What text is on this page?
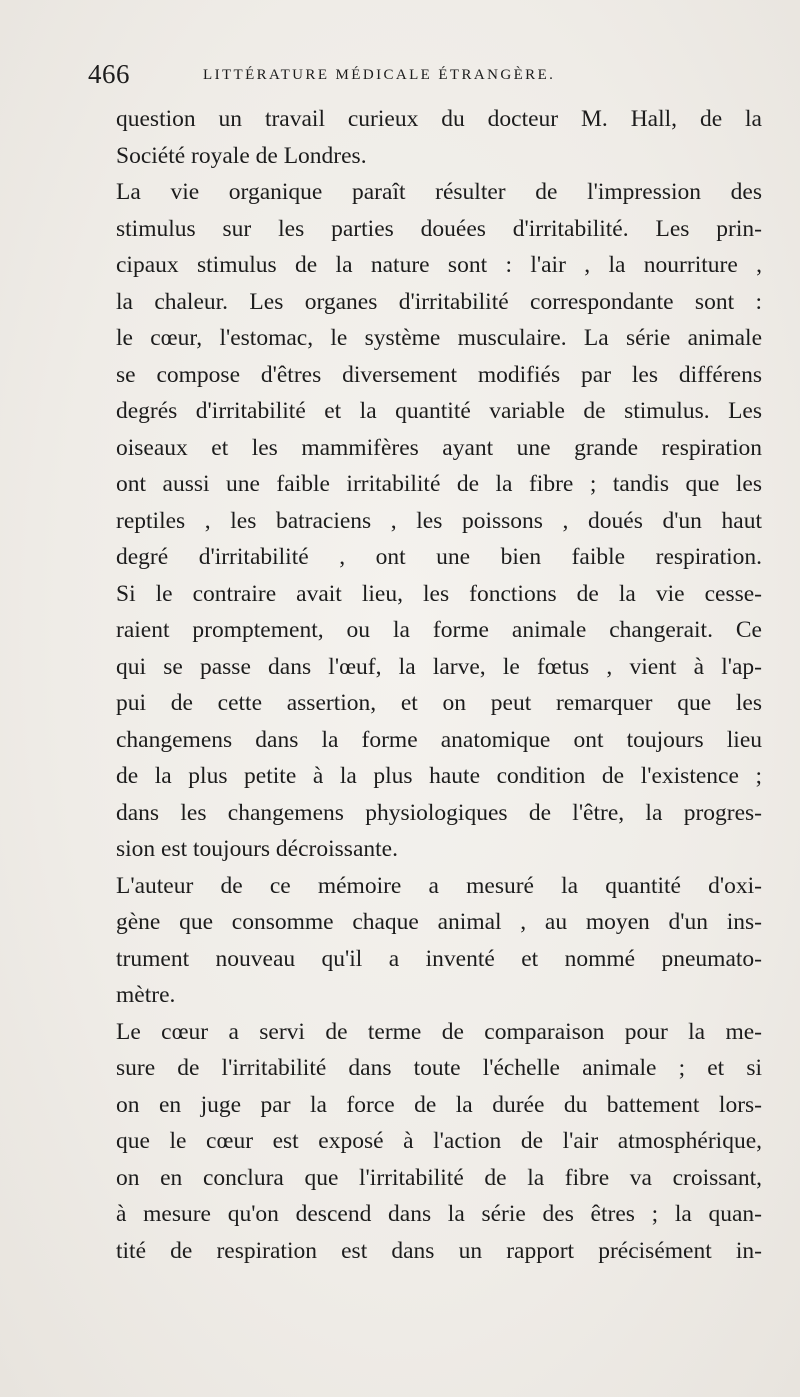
466	LITTÉRATURE MÉDICALE ÉTRANGÈRE.
question un travail curieux du docteur M. Hall, de la
Société royale de Londres.
La vie organique paraît résulter de l'impression des
stimulus sur les parties douées d'irritabilité. Les prin-
cipaux stimulus de la nature sont : l'air , la nourriture ,
la chaleur. Les organes d'irritabilité correspondante sont :
le cœur, l'estomac, le système musculaire. La série animale
se compose d'êtres diversement modifiés par les différens
degrés d'irritabilité et la quantité variable de stimulus. Les
oiseaux et les mammifères ayant une grande respiration
ont aussi une faible irritabilité de la fibre ; tandis que les
reptiles , les batraciens , les poissons , doués d'un haut
degré d'irritabilité , ont une bien faible respiration.
Si le contraire avait lieu, les fonctions de la vie cesse-
raient promptement, ou la forme animale changerait. Ce
qui se passe dans l'œuf, la larve, le fœtus , vient à l'ap-
pui de cette assertion, et on peut remarquer que les
changemens dans la forme anatomique ont toujours lieu
de la plus petite à la plus haute condition de l'existence ;
dans les changemens physiologiques de l'être, la progres-
sion est toujours décroissante.
L'auteur de ce mémoire a mesuré la quantité d'oxi-
gène que consomme chaque animal , au moyen d'un ins-
trument nouveau qu'il a inventé et nommé pneumato-
mètre.
Le cœur a servi de terme de comparaison pour la me-
sure de l'irritabilité dans toute l'échelle animale ; et si
on en juge par la force de la durée du battement lors-
que le cœur est exposé à l'action de l'air atmosphérique,
on en conclura que l'irritabilité de la fibre va croissant,
à mesure qu'on descend dans la série des êtres ; la quan-
tité de respiration est dans un rapport précisément in-
